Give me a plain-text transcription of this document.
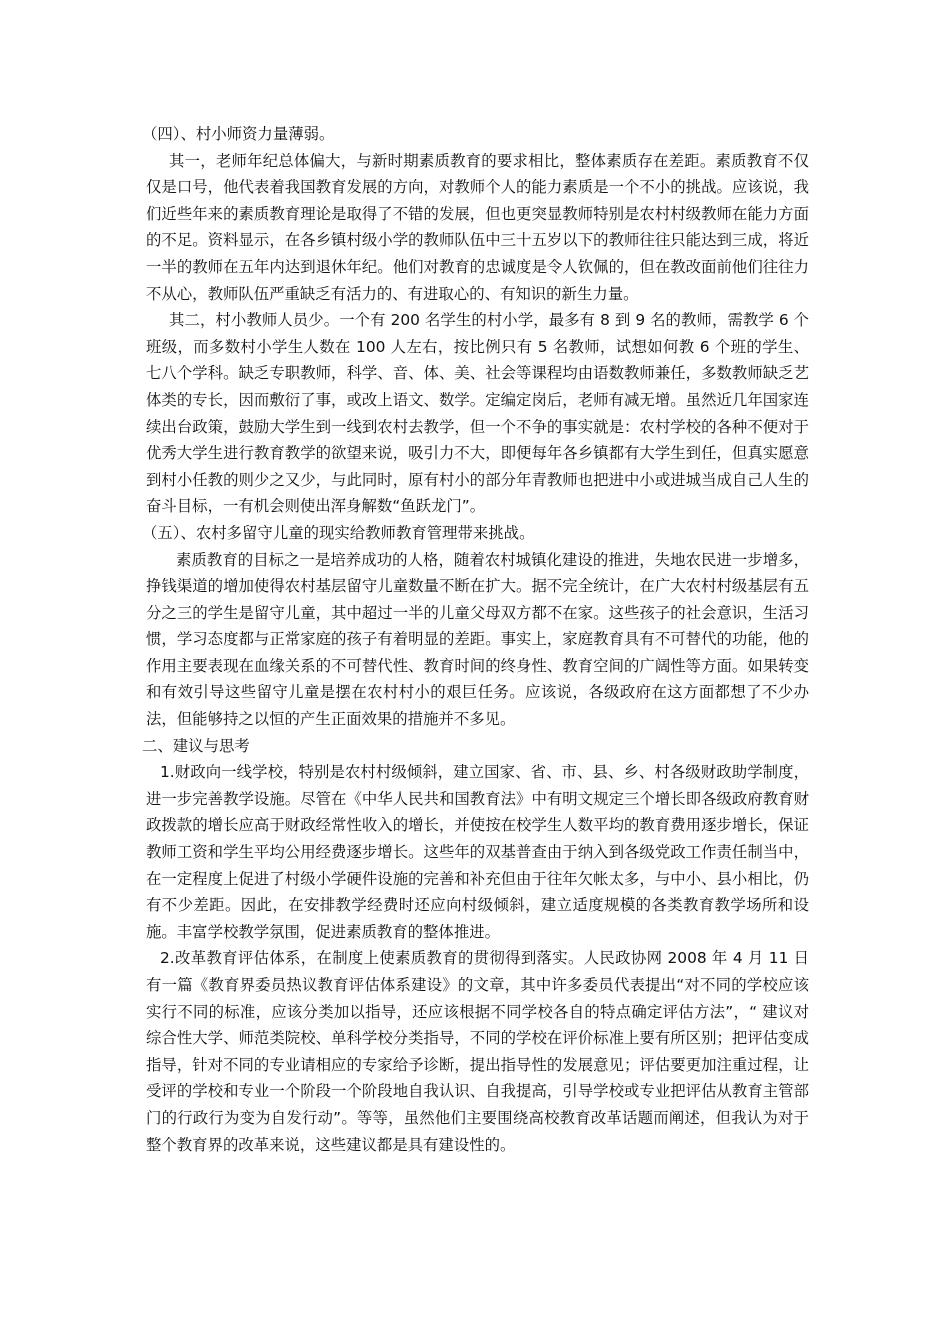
（四）、村小师资力量薄弱。

其一，老师年纪总体偏大，与新时期素质教育的要求相比，整体素质存在差距。素质教育不仅仅是口号，他代表着我国教育发展的方向，对教师个人的能力素质是一个不小的挑战。应该说，我们近些年来的素质教育理论是取得了不错的发展，但也更突显教师特别是农村村级教师在能力方面的不足。资料显示，在各乡镇村级小学的教师队伍中三十五岁以下的教师往往只能达到三成，将近一半的教师在五年内达到退休年纪。他们对教育的忠诚度是令人钦佩的，但在教改面前他们往往力不从心，教师队伍严重缺乏有活力的、有进取心的、有知识的新生力量。

其二，村小教师人员少。一个有 200 名学生的村小学，最多有 8 到 9 名的教师，需教学 6 个班级，而多数村小学生人数在 100 人左右，按比例只有 5 名教师，试想如何教 6 个班的学生、七八个学科。缺乏专职教师，科学、音、体、美、社会等课程均由语数教师兼任，多数教师缺乏艺体类的专长，因而敷衍了事，或改上语文、数学。定编定岗后，老师有减无增。虽然近几年国家连续出台政策，鼓励大学生到一线到农村去教学，但一个不争的事实就是：农村学校的各种不便对于优秀大学生进行教育教学的欲望来说，吸引力不大，即便每年各乡镇都有大学生到任，但真实愿意到村小任教的则少之又少，与此同时，原有村小的部分年青教师也把进中小或进城当成自己人生的奋斗目标，一有机会则使出浑身解数“鱼跃龙门”。

（五）、农村多留守儿童的现实给教师教育管理带来挑战。

素质教育的目标之一是培养成功的人格，随着农村城镇化建设的推进，失地农民进一步增多，挣钱渠道的增加使得农村基层留守儿童数量不断在扩大。据不完全统计，在广大农村村级基层有五分之三的学生是留守儿童，其中超过一半的儿童父母双方都不在家。这些孩子的社会意识，生活习惯，学习态度都与正常家庭的孩子有着明显的差距。事实上，家庭教育具有不可替代的功能，他的作用主要表现在血缘关系的不可替代性、教育时间的终身性、教育空间的广阔性等方面。如果转变和有效引导这些留守儿童是摆在农村村小的艰巨任务。应该说，各级政府在这方面都想了不少办法，但能够持之以恒的产生正面效果的措施并不多见。

二、建议与思考

1.财政向一线学校，特别是农村村级倾斜，建立国家、省、市、县、乡、村各级财政助学制度，进一步完善教学设施。尽管在《中华人民共和国教育法》中有明文规定三个增长即各级政府教育财政拨款的增长应高于财政经常性收入的增长，并使按在校学生人数平均的教育费用逐步增长，保证教师工资和学生平均公用经费逐步增长。这些年的双基普查由于纳入到各级党政工作责任制当中，在一定程度上促进了村级小学硬件设施的完善和补充但由于往年欠帐太多，与中小、县小相比，仍有不少差距。因此，在安排教学经费时还应向村级倾斜，建立适度规模的各类教育教学场所和设施。丰富学校教学氛围，促进素质教育的整体推进。

2.改革教育评估体系，在制度上使素质教育的贯彻得到落实。人民政协网 2008 年 4 月 11 日有一篇《教育界委员热议教育评估体系建设》的文章，其中许多委员代表提出“对不同的学校应该实行不同的标准，应该分类加以指导，还应该根据不同学校各自的特点确定评估方法”，“ 建议对综合性大学、师范类院校、单科学校分类指导，不同的学校在评价标准上要有所区别；把评估变成指导，针对不同的专业请相应的专家给予诊断，提出指导性的发展意见；评估要更加注重过程，让受评的学校和专业一个阶段一个阶段地自我认识、自我提高，引导学校或专业把评估从教育主管部门的行政行为变为自发行动”。等等，虽然他们主要围绕高校教育改革话题而阐述，但我认为对于整个教育界的改革来说，这些建议都是具有建设性的。
